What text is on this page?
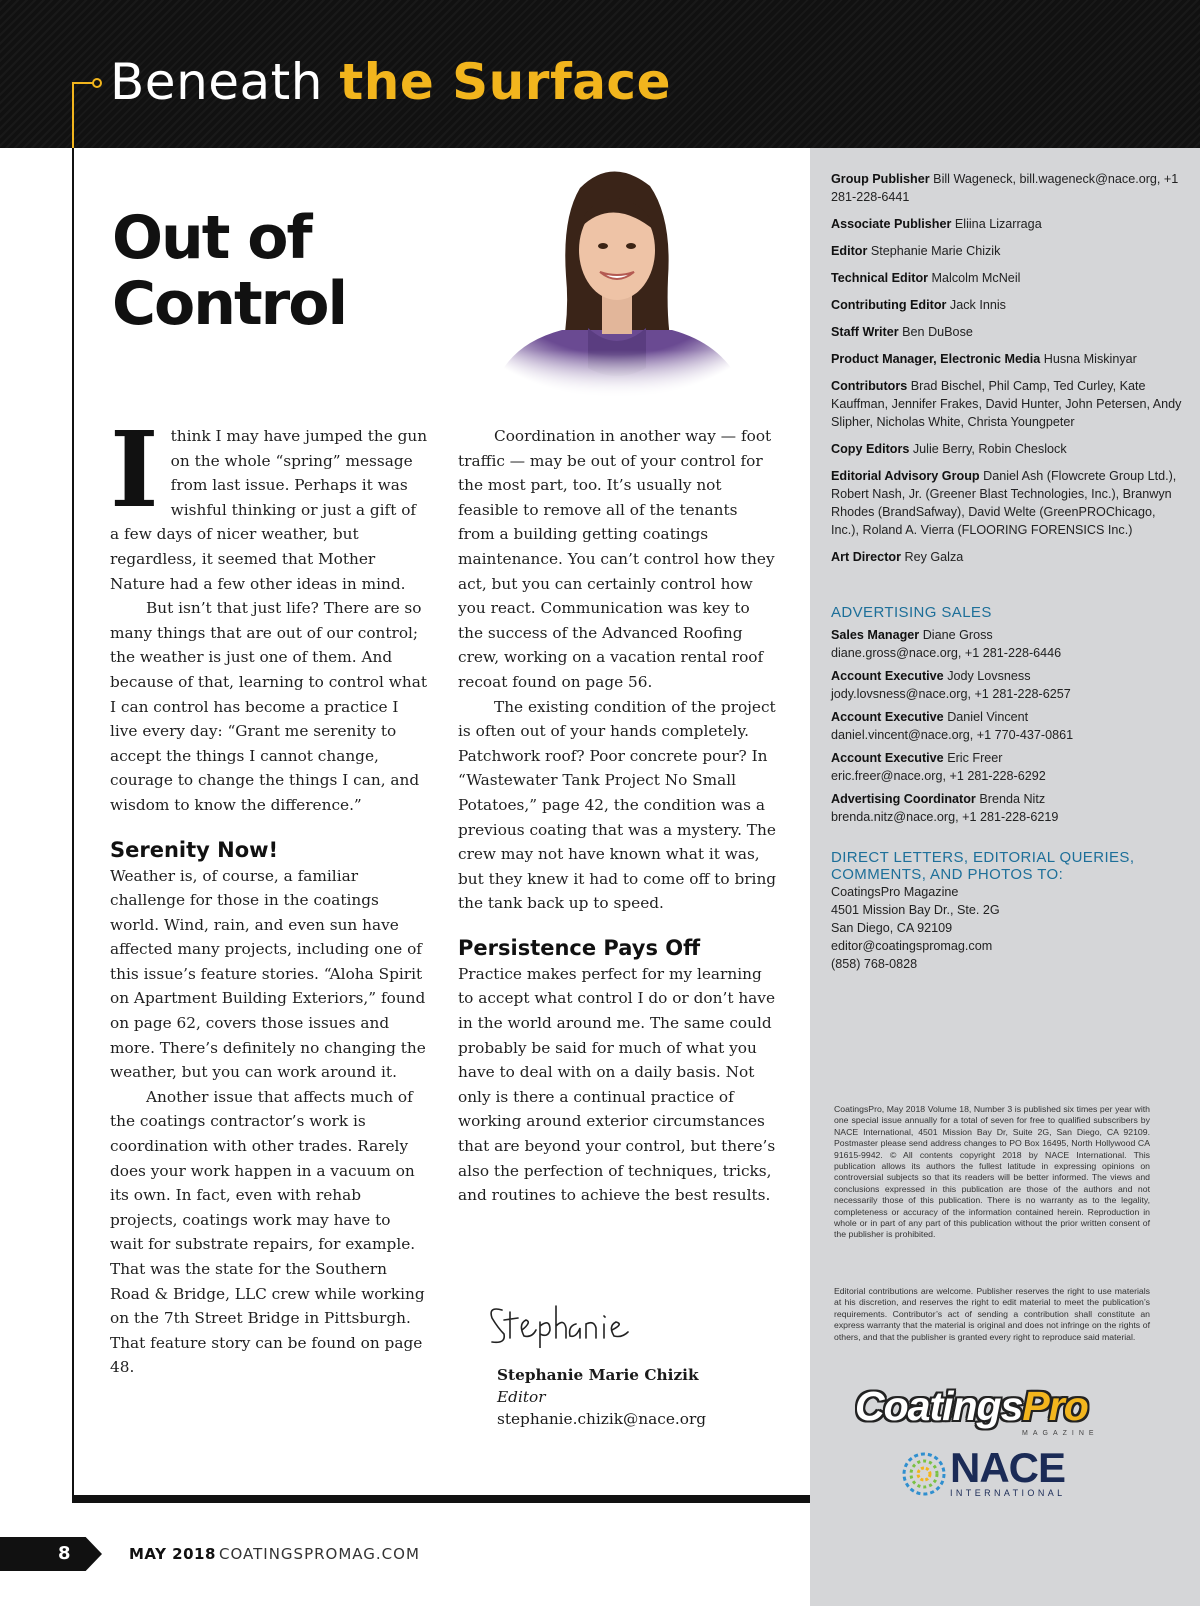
Beneath the Surface
Out of
Control

Ithink I may have jumped the gun on the whole “spring” message from last issue. Perhaps it was wishful thinking or just a gift of a few days of nicer weather, but regardless, it seemed that Mother Nature had a few other ideas in mind.

But isn’t that just life? There are so many things that are out of our control; the weather is just one of them. And because of that, learning to control what I can control has become a practice I live every day: “Grant me serenity to accept the things I cannot change, courage to change the things I can, and wisdom to know the difference.”

Serenity Now!

Weather is, of course, a familiar challenge for those in the coatings world. Wind, rain, and even sun have affected many projects, including one of this issue’s feature stories. “Aloha Spirit on Apartment Building Exteriors,” found on page 62, covers those issues and more. There’s definitely no changing the weather, but you can work around it.

Another issue that affects much of the coatings contractor’s work is coordination with other trades. Rarely does your work happen in a vacuum on its own. In fact, even with rehab projects, coatings work may have to wait for substrate repairs, for example. That was the state for the Southern Road & Bridge, LLC crew while working on the 7th Street Bridge in Pittsburgh. That feature story can be found on page 48.

Coordination in another way — foot traffic — may be out of your control for the most part, too. It’s usually not feasible to remove all of the tenants from a building getting coatings maintenance. You can’t control how they act, but you can certainly control how you react. Communication was key to the success of the Advanced Roofing crew, working on a vacation rental roof recoat found on page 56.

The existing condition of the project is often out of your hands completely. Patchwork roof? Poor concrete pour? In “Wastewater Tank Project No Small Potatoes,” page 42, the condition was a previous coating that was a mystery. The crew may not have known what it was, but they knew it had to come off to bring the tank back up to speed.

Persistence Pays Off

Practice makes perfect for my learning to accept what control I do or don’t have in the world around me. The same could probably be said for much of what you have to deal with on a daily basis. Not only is there a continual practice of working around exterior circumstances that are beyond your control, but there’s also the perfection of techniques, tricks, and routines to achieve the best results.

Stephanie Marie Chizik
Editor
stephanie.chizik@nace.org
Group Publisher Bill Wageneck, bill.wageneck@nace.org, +1 281-228-6441
Associate Publisher Eliina Lizarraga
Editor Stephanie Marie Chizik
Technical Editor Malcolm McNeil
Contributing Editor Jack Innis
Staff Writer Ben DuBose
Product Manager, Electronic Media Husna Miskinyar
Contributors Brad Bischel, Phil Camp, Ted Curley, Kate Kauffman, Jennifer Frakes, David Hunter, John Petersen, Andy Slipher, Nicholas White, Christa Youngpeter
Copy Editors Julie Berry, Robin Cheslock
Editorial Advisory Group Daniel Ash (Flowcrete Group Ltd.), Robert Nash, Jr. (Greener Blast Technologies, Inc.), Branwyn Rhodes (BrandSafway), David Welte (GreenPROChicago, Inc.), Roland A. Vierra (FLOORING FORENSICS Inc.)
Art Director Rey Galza
ADVERTISING SALES
Sales Manager Diane Gross
diane.gross@nace.org, +1 281-228-6446
Account Executive Jody Lovsness
jody.lovsness@nace.org, +1 281-228-6257
Account Executive Daniel Vincent
daniel.vincent@nace.org, +1 770-437-0861
Account Executive Eric Freer
eric.freer@nace.org, +1 281-228-6292
Advertising Coordinator Brenda Nitz
brenda.nitz@nace.org, +1 281-228-6219
DIRECT LETTERS, EDITORIAL QUERIES, COMMENTS, AND PHOTOS TO:
CoatingsPro Magazine
4501 Mission Bay Dr., Ste. 2G
San Diego, CA 92109
editor@coatingspromag.com
(858) 768-0828
CoatingsPro, May 2018 Volume 18, Number 3 is published six times per year with one special issue annually for a total of seven for free to qualified subscribers by NACE International, 4501 Mission Bay Dr, Suite 2G, San Diego, CA 92109. Postmaster please send address changes to PO Box 16495, North Hollywood CA 91615-9942. © All contents copyright 2018 by NACE International. This publication allows its authors the fullest latitude in expressing opinions on controversial subjects so that its readers will be better informed. The views and conclusions expressed in this publication are those of the authors and not necessarily those of this publication. There is no warranty as to the legality, completeness or accuracy of the information contained herein. Reproduction in whole or in part of any part of this publication without the prior written consent of the publisher is prohibited.
Editorial contributions are welcome. Publisher reserves the right to use materials at his discretion, and reserves the right to edit material to meet the publication’s requirements. Contributor’s act of sending a contribution shall constitute an express warranty that the material is original and does not infringe on the rights of others, and that the publisher is granted every right to reproduce said material.
CoatingsPro
MAGAZINE
NACE
INTERNATIONAL
8	MAY 2018 COATINGSPROMAG.COM
